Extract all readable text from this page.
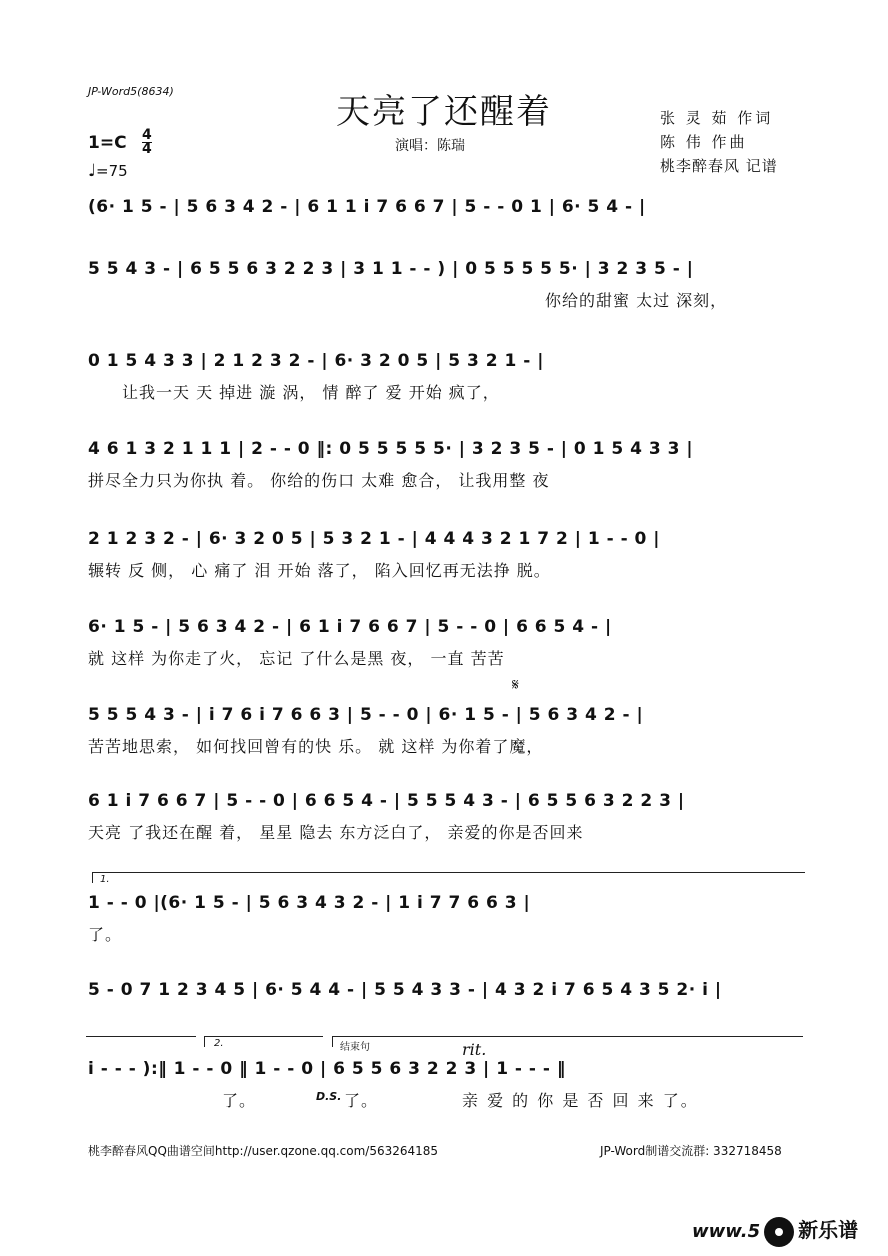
JP-Word5(8634)
天亮了还醒着
演唱：陈瑞
张 灵 茹 作词
陈 伟 作曲
桃李醉春风 记谱
$1=C \frac{4}{4}$
♩=75
(6· 1 5 - | 5 6 3 4 2 - | 6 1 1 i 7 6 6 7 | 5 - - 0 1 | 6· 5 4 - |
5 5 4 3 - | 6 5 5 6 3 2 2 3 | 3 1 1 - - ) | 0 5 5 5 5 5· | 3 2 3 5 - |
你给的甜蜜 太过 深刻，
0 1 5 4 3 3 | 2 1 2 3 2 - | 6· 3 2 0 5 | 5 3 2 1 - |
让我一天 天 掉进 漩 涡， 情 醉了 爱 开始 疯了，
4 6 1 3 2 1 1 1 | 2 - - 0 ‖: 0 5 5 5 5 5· | 3 2 3 5 - | 0 1 5 4 3 3 |
拼尽全力只为你执 着。 你给的伤口 太难 愈合， 让我用整 夜
2 1 2 3 2 - | 6· 3 2 0 5 | 5 3 2 1 - | 4 4 4 3 2 1 7 2 | 1 - - 0 |
辗转 反 侧， 心 痛了 泪 开始 落了， 陷入回忆再无法挣 脱。
6· 1 5 - | 5 6 3 4 2 - | 6 1 i 7 6 6 7 | 5 - - 0 | 6 6 5 4 - |
就 这样 为你走了火， 忘记 了什么是黑 夜， 一直 苦苦
𝄋
5 5 5 4 3 - | i 7 6 i 7 6 6 3 | 5 - - 0 | 6· 1 5 - | 5 6 3 4 2 - |
苦苦地思索， 如何找回曾有的快 乐。 就 这样 为你着了魔，
6 1 i 7 6 6 7 | 5 - - 0 | 6 6 5 4 - | 5 5 5 4 3 - | 6 5 5 6 3 2 2 3 |
天亮 了我还在醒 着， 星星 隐去 东方泛白了， 亲爱的你是否回来
1.
1 - - 0 |(6· 1 5 - | 5 6 3 4 3 2 - | 1 i 7 7 6 6 3 |
了。
5 - 0 7 1 2 3 4 5 | 6· 5 4 4 - | 5 5 4 3 3 - | 4 3 2 i 7 6 5 4 3 5 2· i |
2.	结束句	rit.
i - - - ):‖ 1 - - 0 ‖ 1 - - 0 | 6 5 5 6 3 2 2 3 | 1 - - - ‖
了。	D.S. 了。	亲 爱 的 你 是 否 回 来 了。
桃李醉春风QQ曲谱空间http://user.qzone.qq.com/563264185	JP-Word制谱交流群: 332718458
www.5 新乐谱
